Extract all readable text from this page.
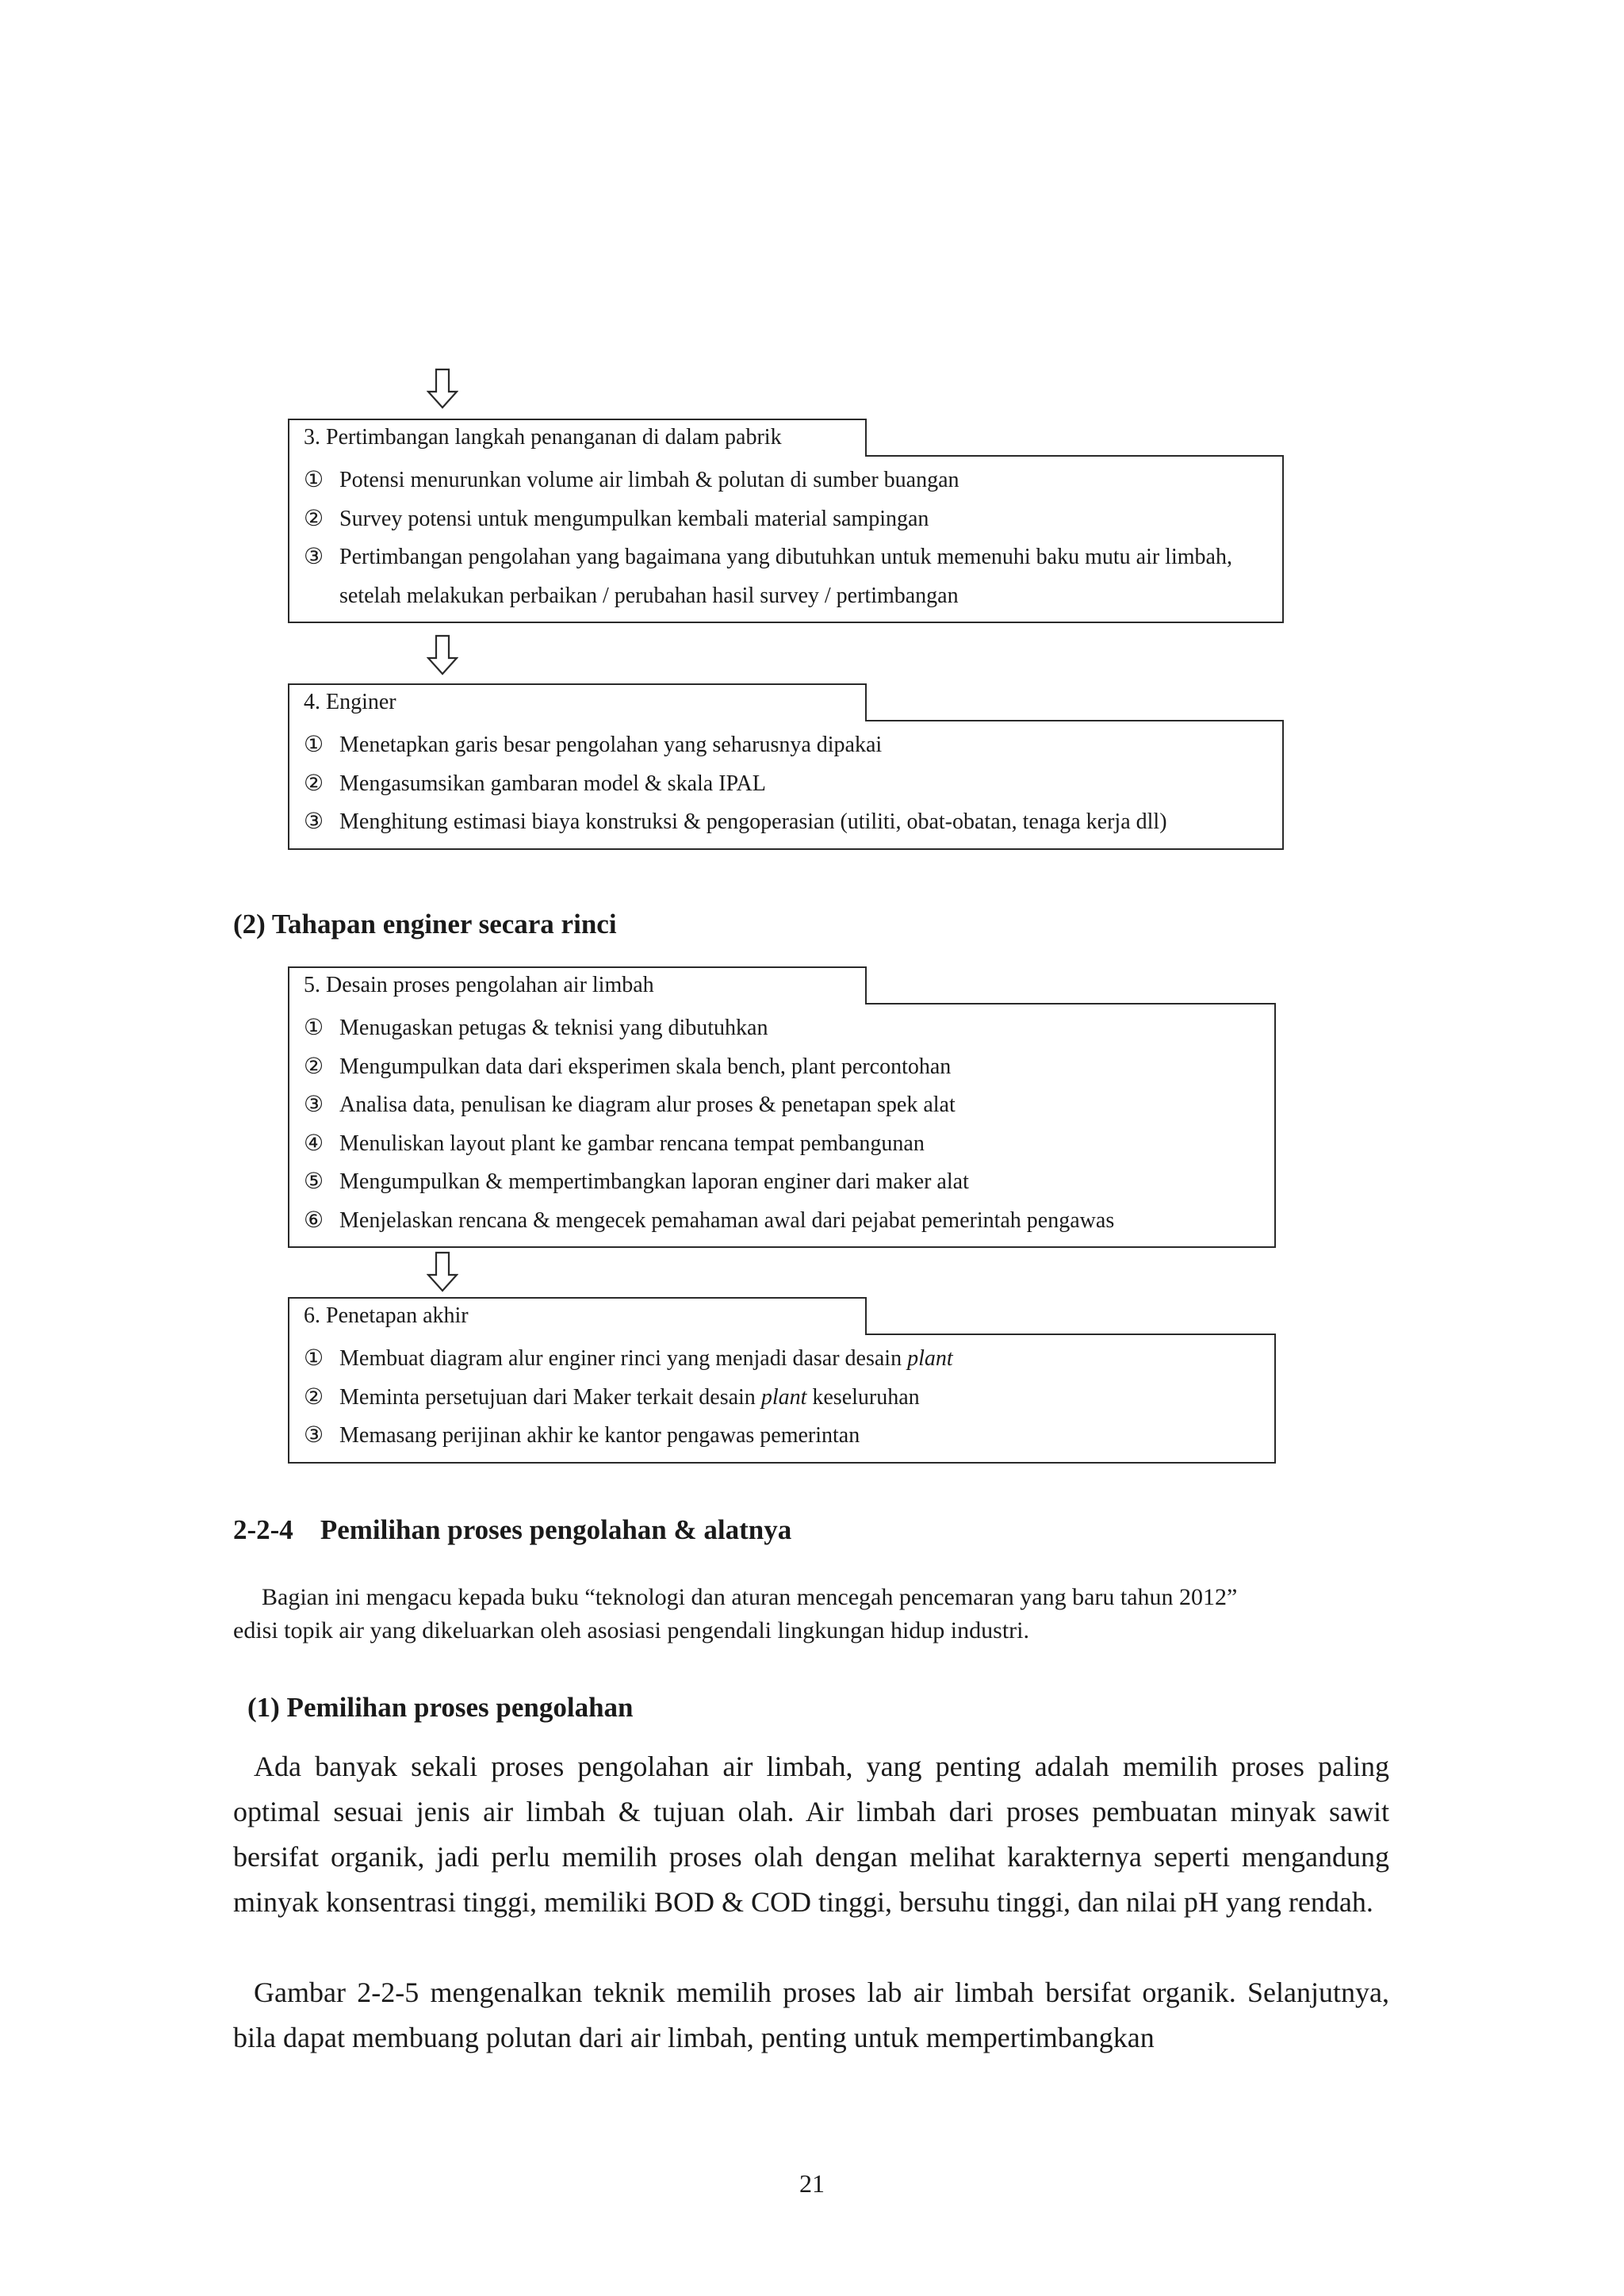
3. Pertimbangan langkah penanganan di dalam pabrik
① Potensi menurunkan volume air limbah & polutan di sumber buangan
② Survey potensi untuk mengumpulkan kembali material sampingan
③ Pertimbangan pengolahan yang bagaimana yang dibutuhkan untuk memenuhi baku mutu air limbah, setelah melakukan perbaikan / perubahan hasil survey / pertimbangan
4. Enginer
① Menetapkan garis besar pengolahan yang seharusnya dipakai
② Mengasumsikan gambaran model & skala IPAL
③ Menghitung estimasi biaya konstruksi & pengoperasian (utiliti, obat-obatan, tenaga kerja dll)
(2) Tahapan enginer secara rinci
5. Desain proses pengolahan air limbah
① Menugaskan petugas & teknisi yang dibutuhkan
② Mengumpulkan data dari eksperimen skala bench, plant percontohan
③ Analisa data, penulisan ke diagram alur proses & penetapan spek alat
④ Menuliskan layout plant ke gambar rencana tempat pembangunan
⑤ Mengumpulkan & mempertimbangkan laporan enginer dari maker alat
⑥ Menjelaskan rencana & mengecek pemahaman awal dari pejabat pemerintah pengawas
6. Penetapan akhir
① Membuat diagram alur enginer rinci yang menjadi dasar desain plant
② Meminta persetujuan dari Maker terkait desain plant keseluruhan
③ Memasang perijinan akhir ke kantor pengawas pemerintan
2-2-4 Pemilihan proses pengolahan & alatnya
Bagian ini mengacu kepada buku “teknologi dan aturan mencegah pencemaran yang baru tahun 2012”
edisi topik air yang dikeluarkan oleh asosiasi pengendali lingkungan hidup industri.
(1) Pemilihan proses pengolahan
Ada banyak sekali proses pengolahan air limbah, yang penting adalah memilih proses paling optimal sesuai jenis air limbah & tujuan olah. Air limbah dari proses pembuatan minyak sawit bersifat organik, jadi perlu memilih proses olah dengan melihat karakternya seperti mengandung minyak konsentrasi tinggi, memiliki BOD & COD tinggi, bersuhu tinggi, dan nilai pH yang rendah.
Gambar 2-2-5 mengenalkan teknik memilih proses lab air limbah bersifat organik. Selanjutnya, bila dapat membuang polutan dari air limbah, penting untuk mempertimbangkan
21
